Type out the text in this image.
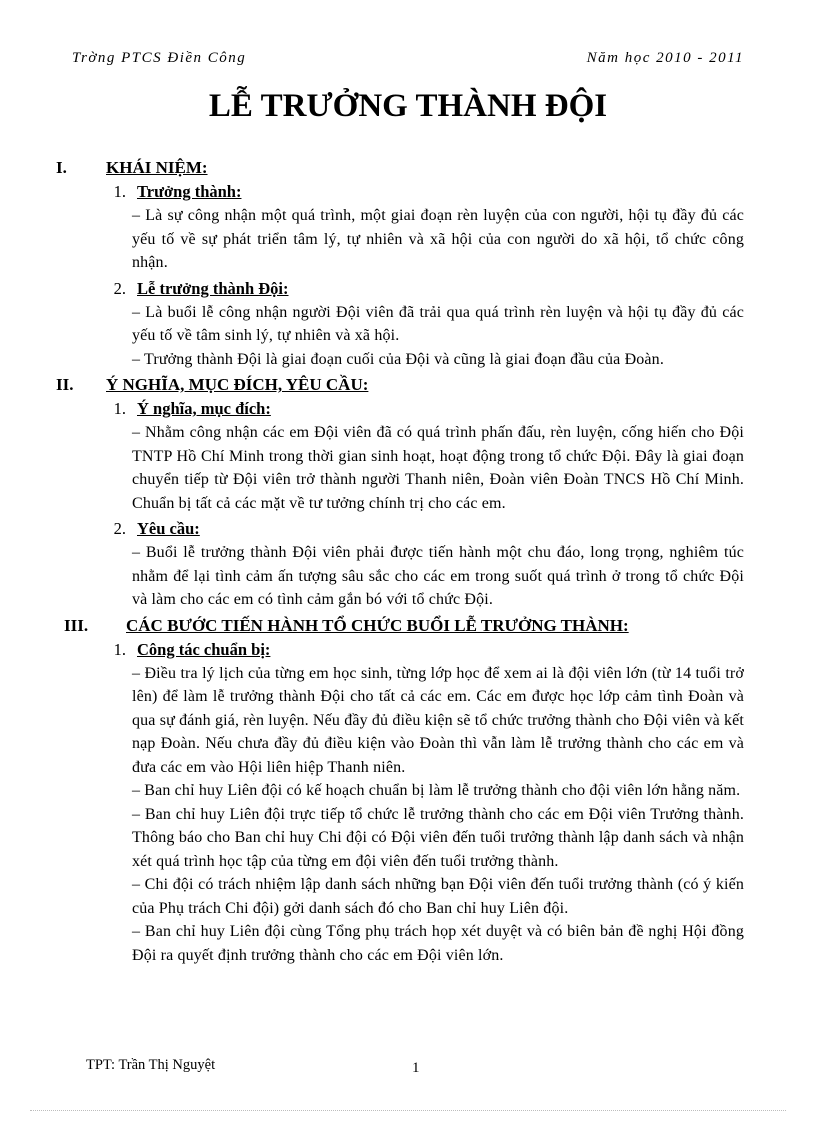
Trờng PTCS Điền Công	Năm học 2010 - 2011
LỄ TRƯỞNG THÀNH ĐỘI
I.	KHÁI NIỆM:
1. Trưởng thành:

– Là sự công nhận một quá trình, một giai đoạn rèn luyện của con người, hội tụ đầy đủ các yếu tố về sự phát triển tâm lý, tự nhiên và xã hội của con người do xã hội, tổ chức công nhận.

2. Lễ trưởng thành Đội:

– Là buổi lễ công nhận người Đội viên đã trải qua quá trình rèn luyện và hội tụ đầy đủ các yếu tố về tâm sinh lý, tự nhiên và xã hội.

– Trưởng thành Đội là giai đoạn cuối của Đội và cũng là giai đoạn đầu của Đoàn.

II.	Ý NGHĨA, MỤC ĐÍCH, YÊU CẦU:
1. Ý nghĩa, mục đích:

– Nhằm công nhận các em Đội viên đã có quá trình phấn đấu, rèn luyện, cống hiến cho Đội TNTP Hồ Chí Minh trong thời gian sinh hoạt, hoạt động trong tổ chức Đội. Đây là giai đoạn chuyển tiếp từ Đội viên trở thành người Thanh niên, Đoàn viên Đoàn TNCS Hồ Chí Minh. Chuẩn bị tất cả các mặt về tư tưởng chính trị cho các em.

2. Yêu cầu:

– Buổi lễ trưởng thành Đội viên phải được tiến hành một chu đáo, long trọng, nghiêm túc nhằm để lại tình cảm ấn tượng sâu sắc cho các em trong suốt quá trình ở trong tổ chức Đội và làm cho các em có tình cảm gắn bó với tổ chức Đội.

III.	CÁC BƯỚC TIẾN HÀNH TỔ CHỨC BUỔI LỄ TRƯỞNG THÀNH:
1. Công tác chuẩn bị:

– Điều tra lý lịch của từng em học sinh, từng lớp học để xem ai là đội viên lớn (từ 14 tuổi trở lên) để làm lễ trưởng thành Đội cho tất cả các em. Các em được học lớp cảm tình Đoàn và qua sự đánh giá, rèn luyện. Nếu đầy đủ điều kiện sẽ tổ chức trưởng thành cho Đội viên và kết nạp Đoàn. Nếu chưa đầy đủ điều kiện vào Đoàn thì vẫn làm lễ trưởng thành cho các em và đưa các em vào Hội liên hiệp Thanh niên.

– Ban chỉ huy Liên đội có kế hoạch chuẩn bị làm lễ trưởng thành cho đội viên lớn hằng năm.

– Ban chỉ huy Liên đội trực tiếp tổ chức lễ trưởng thành cho các em Đội viên Trưởng thành. Thông báo cho Ban chỉ huy Chi đội có Đội viên đến tuổi trưởng thành lập danh sách và nhận xét quá trình học tập của từng em đội viên đến tuổi trưởng thành.

– Chi đội có trách nhiệm lập danh sách những bạn Đội viên đến tuổi trưởng thành (có ý kiến của Phụ trách Chi đội) gởi danh sách đó cho Ban chỉ huy Liên đội.

– Ban chỉ huy Liên đội cùng Tổng phụ trách họp xét duyệt và có biên bản đề nghị Hội đồng Đội ra quyết định trưởng thành cho các em Đội viên lớn.

TPT: Trần Thị Nguyệt	1
